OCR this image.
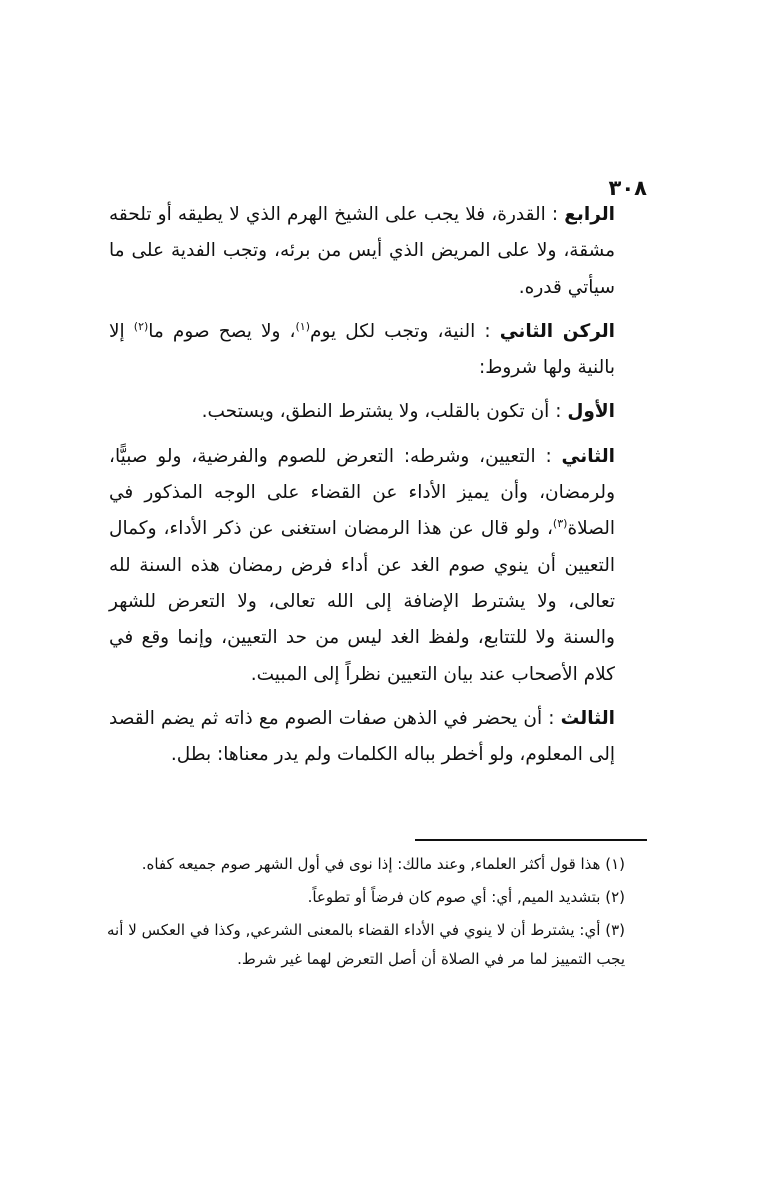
٣٠٨

الرابع : القدرة، فلا يجب على الشيخ الهرم الذي لا يطيقه أو تلحقه مشقة، ولا على المريض الذي أيس من برئه، وتجب الفدية على ما سيأتي قدره.

الركن الثاني : النية، وتجب لكل يوم$^{(١)}$، ولا يصح صوم ما$^{(٢)}$ إلا بالنية ولها شروط:

الأول : أن تكون بالقلب، ولا يشترط النطق، ويستحب.

الثاني : التعيين، وشرطه: التعرض للصوم والفرضية، ولو صبيًّا، ولرمضان، وأن يميز الأداء عن القضاء على الوجه المذكور في الصلاة$^{(٣)}$، ولو قال عن هذا الرمضان استغنى عن ذكر الأداء، وكمال التعيين أن ينوي صوم الغد عن أداء فرض رمضان هذه السنة لله تعالى، ولا يشترط الإضافة إلى الله تعالى، ولا التعرض للشهر والسنة ولا للتتابع، ولفظ الغد ليس من حد التعيين، وإنما وقع في كلام الأصحاب عند بيان التعيين نظراً إلى المبيت.

الثالث : أن يحضر في الذهن صفات الصوم مع ذاته ثم يضم القصد إلى المعلوم، ولو أخطر بباله الكلمات ولم يدر معناها: بطل.

(١) هذا قول أكثر العلماء, وعند مالك: إذا نوى في أول الشهر صوم جميعه كفاه.

(٢) بتشديد الميم, أي: أي صوم كان فرضاً أو تطوعاً.

(٣) أي: يشترط أن لا ينوي في الأداء القضاء بالمعنى الشرعي, وكذا في العكس لا أنه يجب التمييز لما مر في الصلاة أن أصل التعرض لهما غير شرط.
